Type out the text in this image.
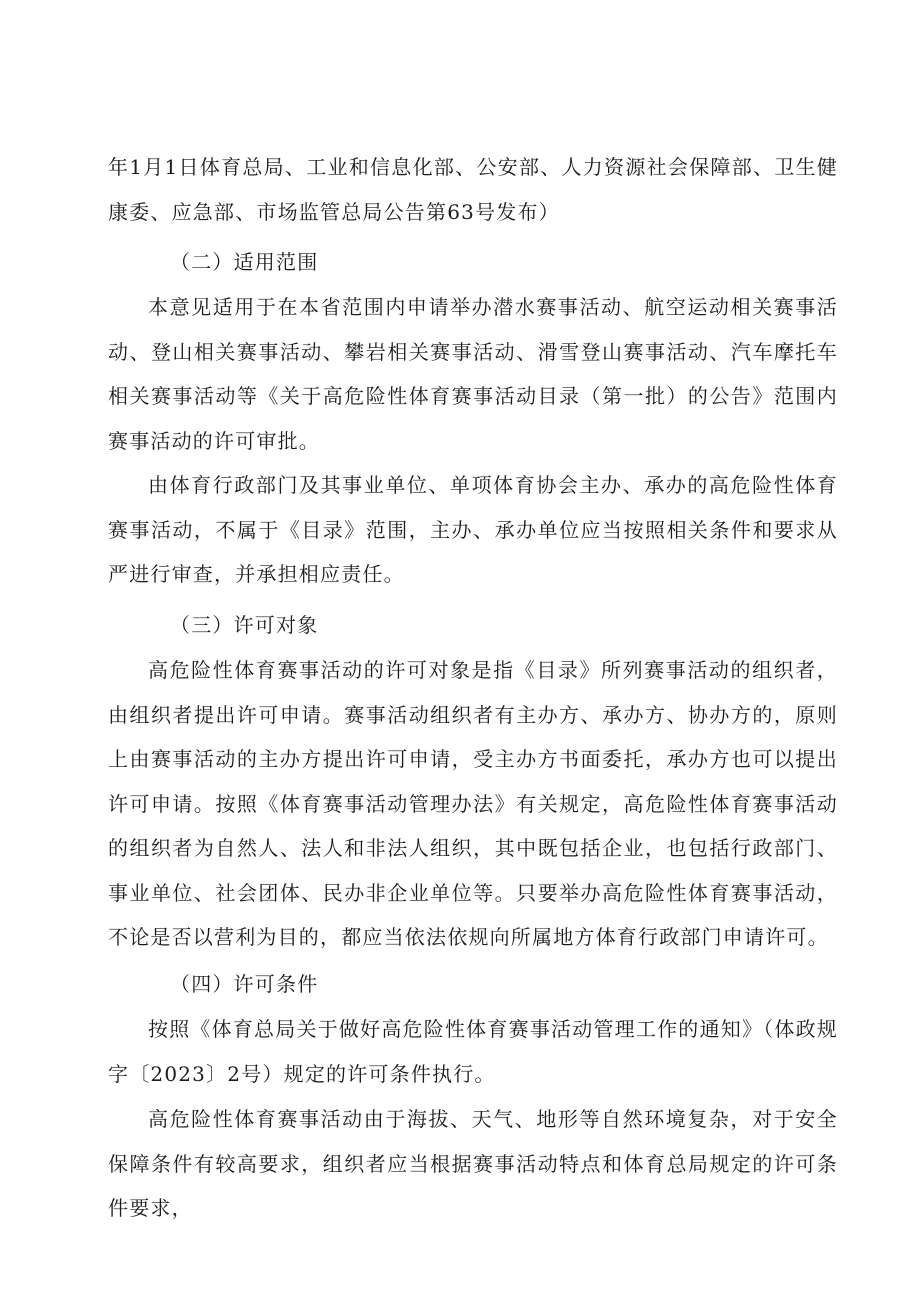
年1月1日体育总局、工业和信息化部、公安部、人力资源社会保障部、卫生健康委、应急部、市场监管总局公告第63号发布）

（二）适用范围

本意见适用于在本省范围内申请举办潜水赛事活动、航空运动相关赛事活动、登山相关赛事活动、攀岩相关赛事活动、滑雪登山赛事活动、汽车摩托车相关赛事活动等《关于高危险性体育赛事活动目录（第一批）的公告》范围内赛事活动的许可审批。

由体育行政部门及其事业单位、单项体育协会主办、承办的高危险性体育赛事活动，不属于《目录》范围，主办、承办单位应当按照相关条件和要求从严进行审查，并承担相应责任。

（三）许可对象

高危险性体育赛事活动的许可对象是指《目录》所列赛事活动的组织者，由组织者提出许可申请。赛事活动组织者有主办方、承办方、协办方的，原则上由赛事活动的主办方提出许可申请，受主办方书面委托，承办方也可以提出许可申请。按照《体育赛事活动管理办法》有关规定，高危险性体育赛事活动的组织者为自然人、法人和非法人组织，其中既包括企业，也包括行政部门、事业单位、社会团体、民办非企业单位等。只要举办高危险性体育赛事活动，不论是否以营利为目的，都应当依法依规向所属地方体育行政部门申请许可。

（四）许可条件

按照《体育总局关于做好高危险性体育赛事活动管理工作的通知》（体政规字〔2023〕2号）规定的许可条件执行。

高危险性体育赛事活动由于海拔、天气、地形等自然环境复杂，对于安全保障条件有较高要求，组织者应当根据赛事活动特点和体育总局规定的许可条件要求，
